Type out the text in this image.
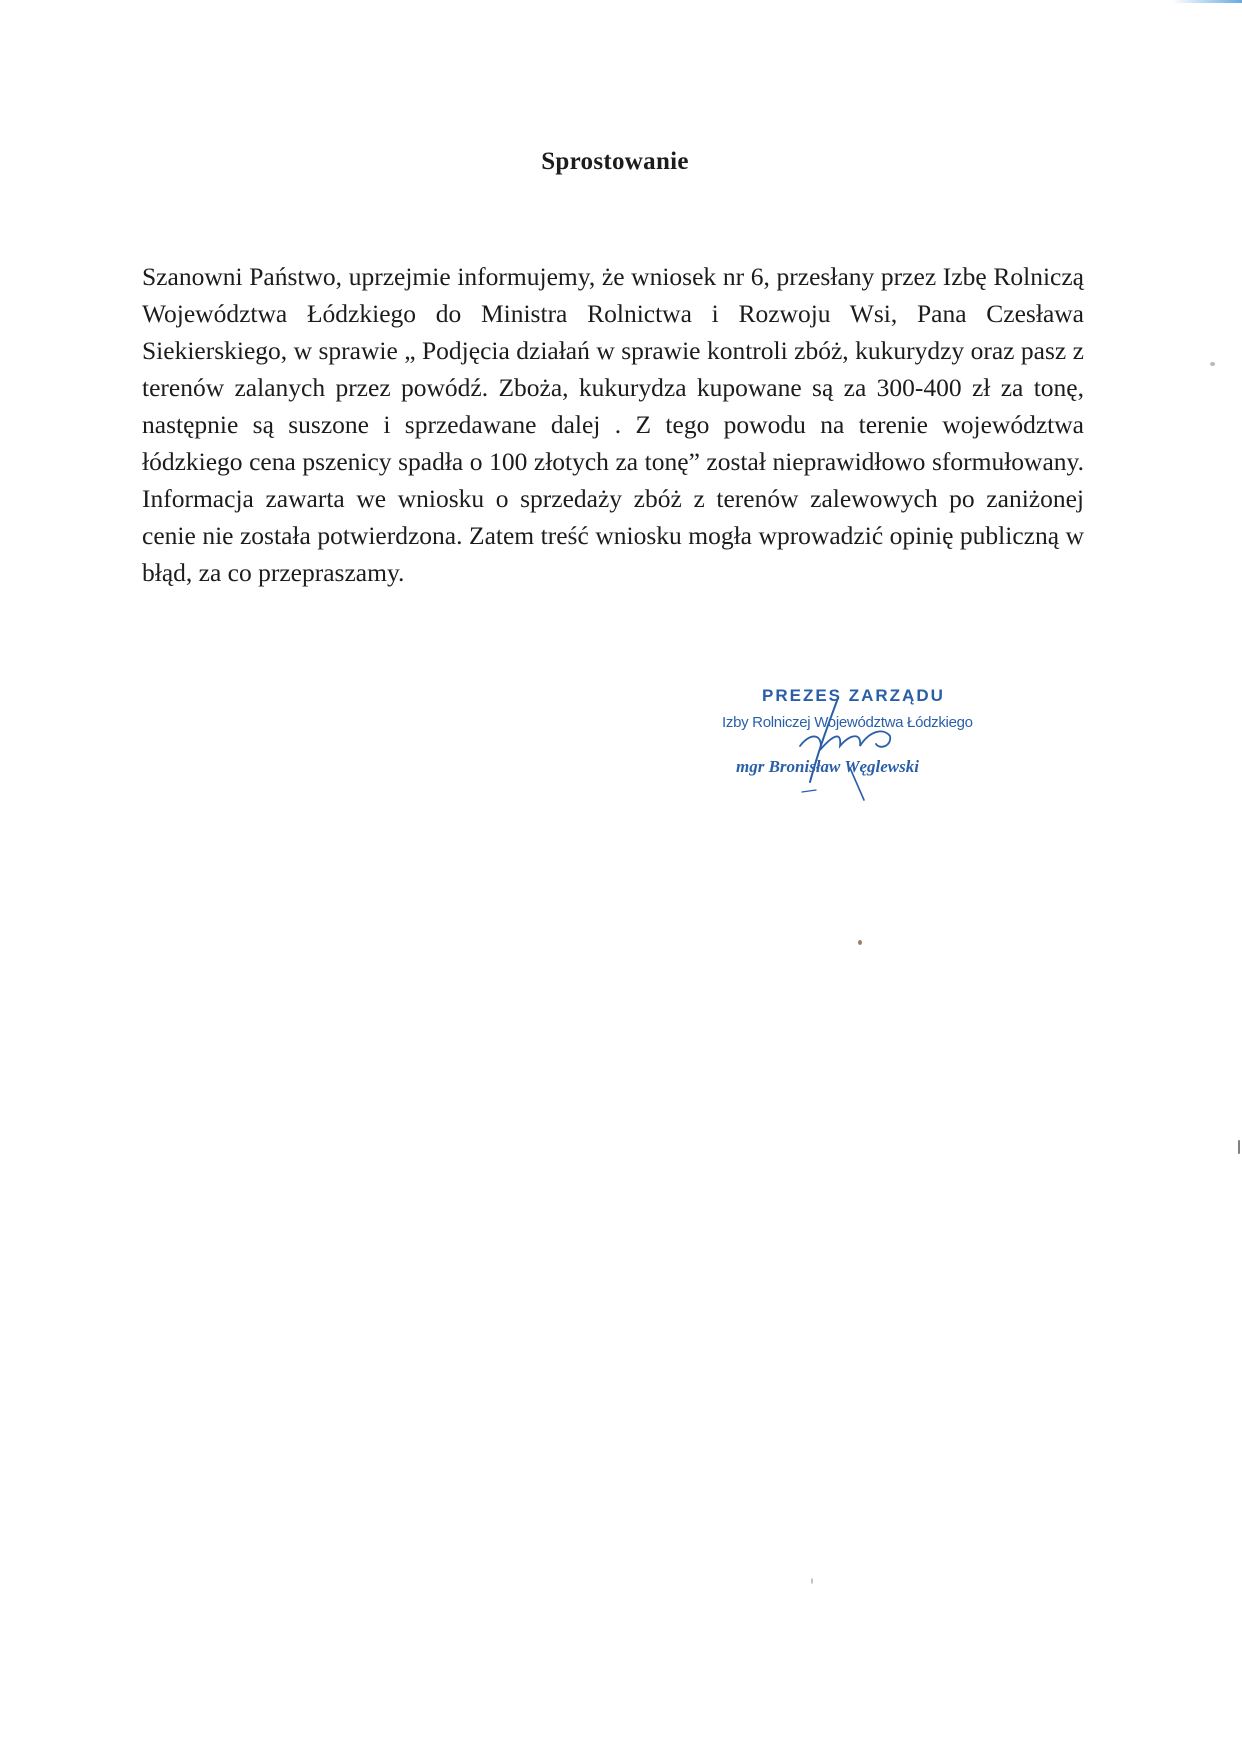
Sprostowanie

Szanowni Państwo, uprzejmie informujemy, że wniosek nr 6, przesłany przez Izbę Rolniczą Województwa Łódzkiego do Ministra Rolnictwa i Rozwoju Wsi, Pana Czesława Siekierskiego, w sprawie „ Podjęcia działań w sprawie kontroli zbóż, kukurydzy oraz pasz z terenów zalanych przez powódź. Zboża, kukurydza kupowane są za 300-400 zł za tonę, następnie są suszone i sprzedawane dalej . Z tego powodu na terenie województwa łódzkiego cena pszenicy spadła o 100 złotych za tonę” został nieprawidłowo sformułowany. Informacja zawarta we wniosku o sprzedaży zbóż z terenów zalewowych po zaniżonej cenie nie została potwierdzona. Zatem treść wniosku mogła wprowadzić opinię publiczną w błąd, za co przepraszamy.

PREZES ZARZĄDU
Izby Rolniczej Województwa Łódzkiego
mgr Bronisław Węglewski
